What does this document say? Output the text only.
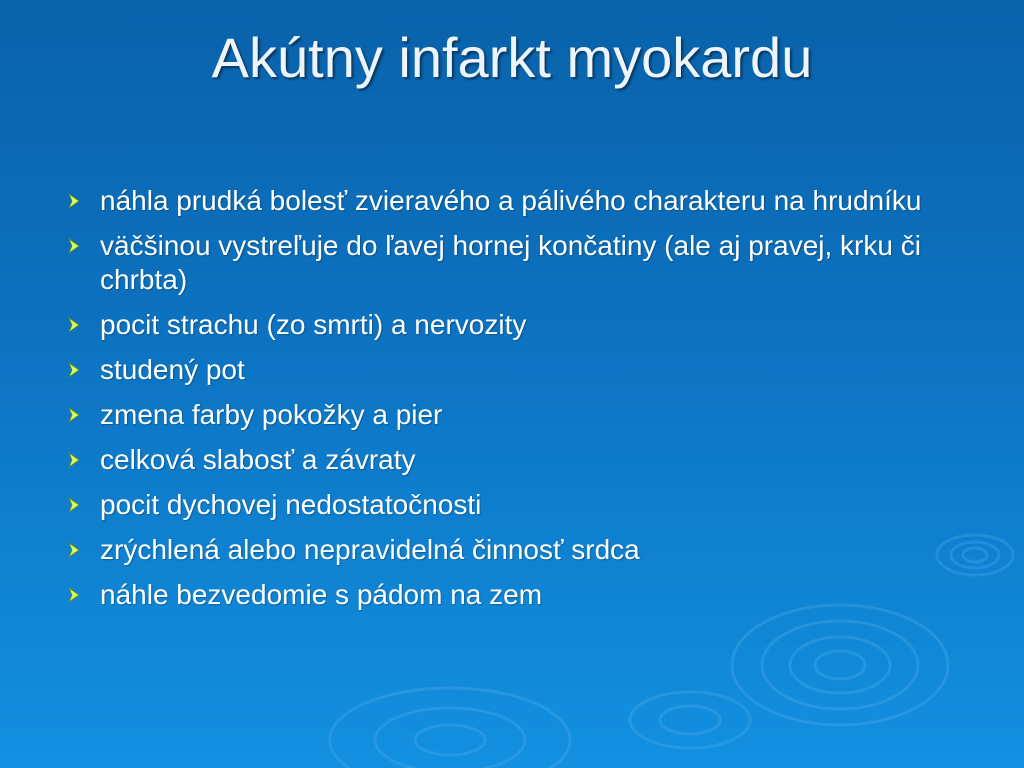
Akútny infarkt myokardu
náhla prudká bolesť zvieravého a pálivého charakteru na hrudníku
väčšinou vystreľuje do ľavej hornej končatiny (ale aj pravej, krku či chrbta)
pocit strachu (zo smrti) a nervozity
studený pot
zmena farby pokožky a pier
celková slabosť a závraty
pocit dychovej nedostatočnosti
zrýchlená alebo nepravidelná činnosť srdca
náhle bezvedomie s pádom na zem
